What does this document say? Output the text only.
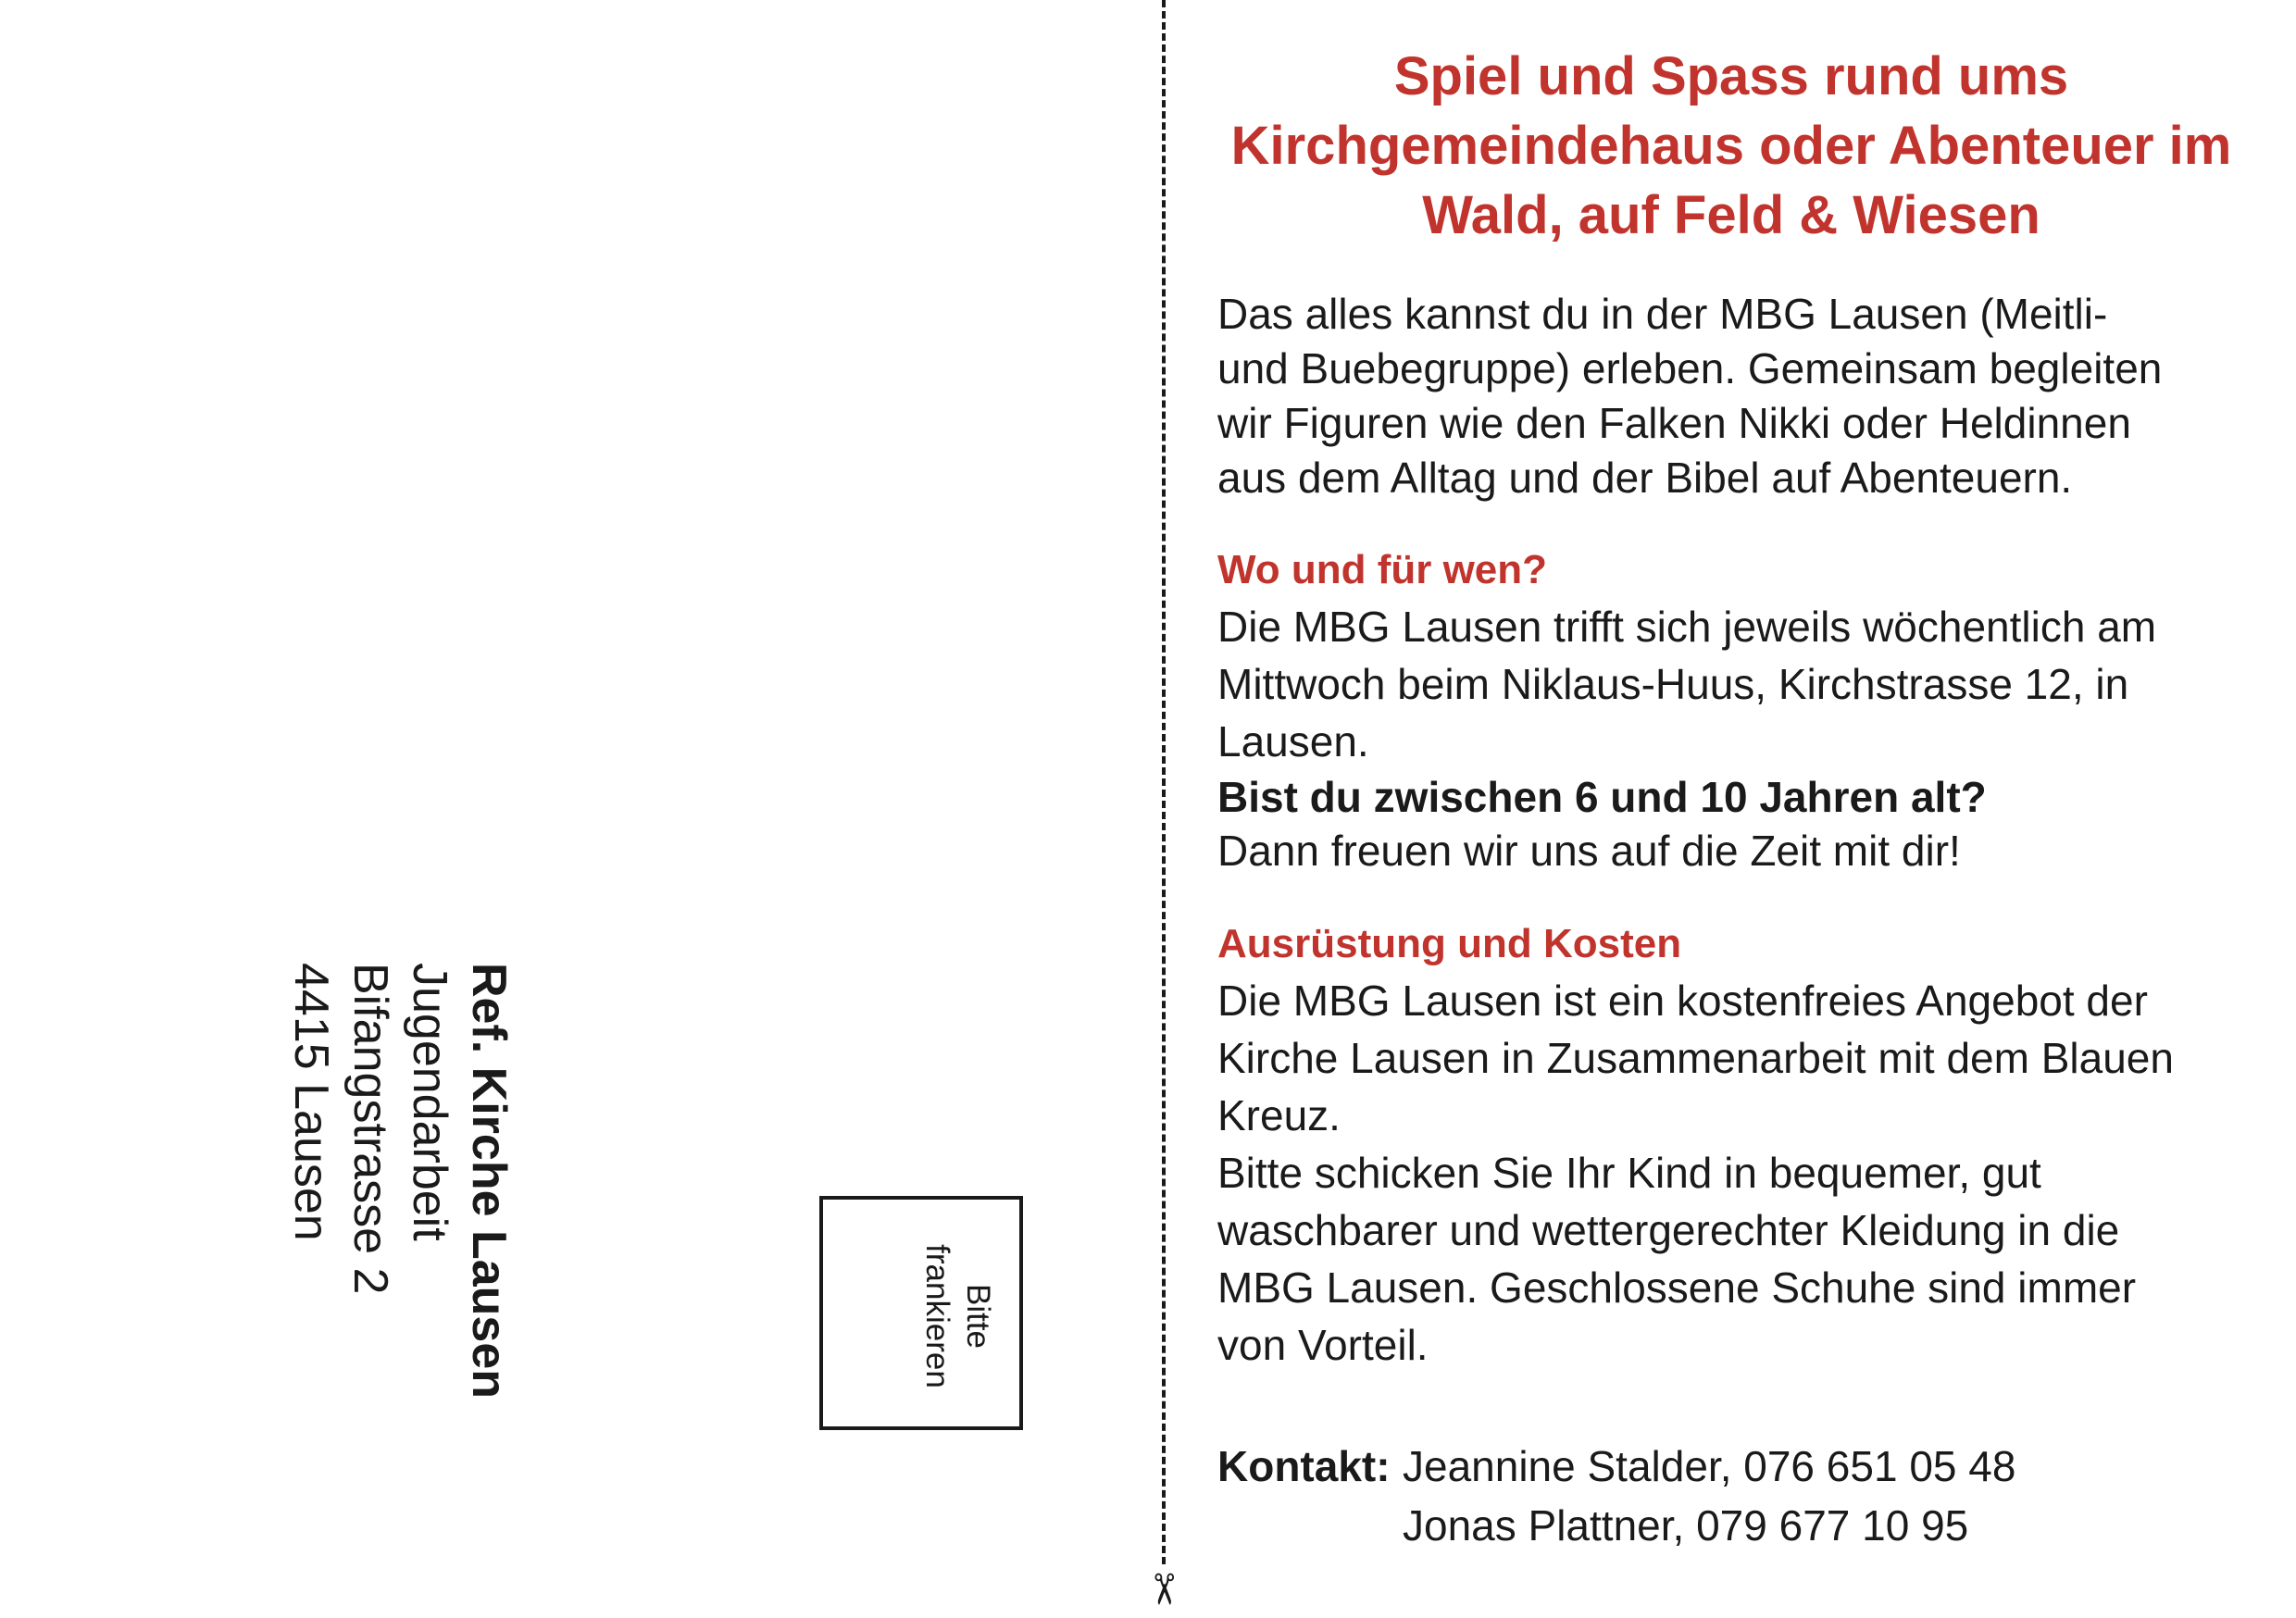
Ref. Kirche Lausen
Jugendarbeit
Bifangstrasse 2
4415 Lausen
Bitte
frankieren
✂
Spiel und Spass rund ums
Kirchgemeindehaus oder Abenteuer im
Wald, auf Feld & Wiesen
Das alles kannst du in der MBG Lausen (Meitli-
und Buebegruppe) erleben. Gemeinsam begleiten
wir Figuren wie den Falken Nikki oder Heldinnen
aus dem Alltag und der Bibel auf Abenteuern.
Wo und für wen?
Die MBG Lausen trifft sich jeweils wöchentlich am
Mittwoch beim Niklaus-Huus, Kirchstrasse 12, in
Lausen.
Bist du zwischen 6 und 10 Jahren alt?
Dann freuen wir uns auf die Zeit mit dir!
Ausrüstung und Kosten
Die MBG Lausen ist ein kostenfreies Angebot der
Kirche Lausen in Zusammenarbeit mit dem Blauen
Kreuz.
Bitte schicken Sie Ihr Kind in bequemer, gut
waschbarer und wettergerechter Kleidung in die
MBG Lausen. Geschlossene Schuhe sind immer
von Vorteil.
Kontakt: Jeannine Stalder, 076 651 05 48
Jonas Plattner, 079 677 10 95
